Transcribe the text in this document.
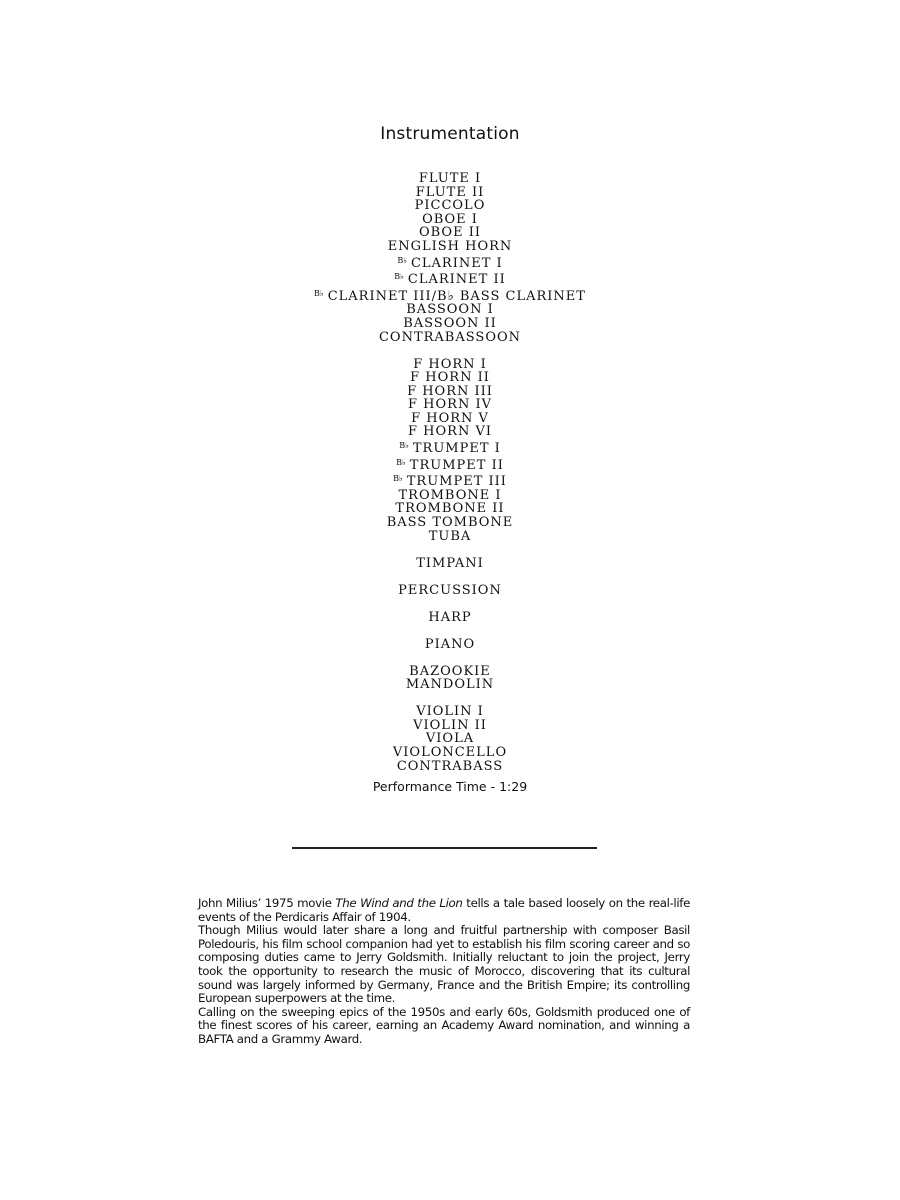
Instrumentation
FLUTE I
FLUTE II
PICCOLO
OBOE I
OBOE II
ENGLISH HORN
$^{B♭}$ CLARINET I
$^{B♭}$ CLARINET II
$^{B♭}$ CLARINET III/B♭ BASS CLARINET
BASSOON I
BASSOON II
CONTRABASSOON
F HORN I
F HORN II
F HORN III
F HORN IV
F HORN V
F HORN VI
$^{B♭}$ TRUMPET I
$^{B♭}$ TRUMPET II
$^{B♭}$ TRUMPET III
TROMBONE I
TROMBONE II
BASS TOMBONE
TUBA
TIMPANI
PERCUSSION
HARP
PIANO
BAZOOKIE
MANDOLIN
VIOLIN I
VIOLIN II
VIOLA
VIOLONCELLO
CONTRABASS
Performance Time - 1:29

John Milius’ 1975 movie The Wind and the Lion tells a tale based loosely on the real-life events of the Perdicaris Affair of 1904.

Though Milius would later share a long and fruitful partnership with composer Basil Poledouris, his film school companion had yet to establish his film scoring career and so composing duties came to Jerry Goldsmith. Initially reluctant to join the project, Jerry took the opportunity to research the music of Morocco, discovering that its cultural sound was largely informed by Germany, France and the British Empire; its controlling European superpowers at the time.

Calling on the sweeping epics of the 1950s and early 60s, Goldsmith produced one of the finest scores of his career, earning an Academy Award nomination, and winning a BAFTA and a Grammy Award.
